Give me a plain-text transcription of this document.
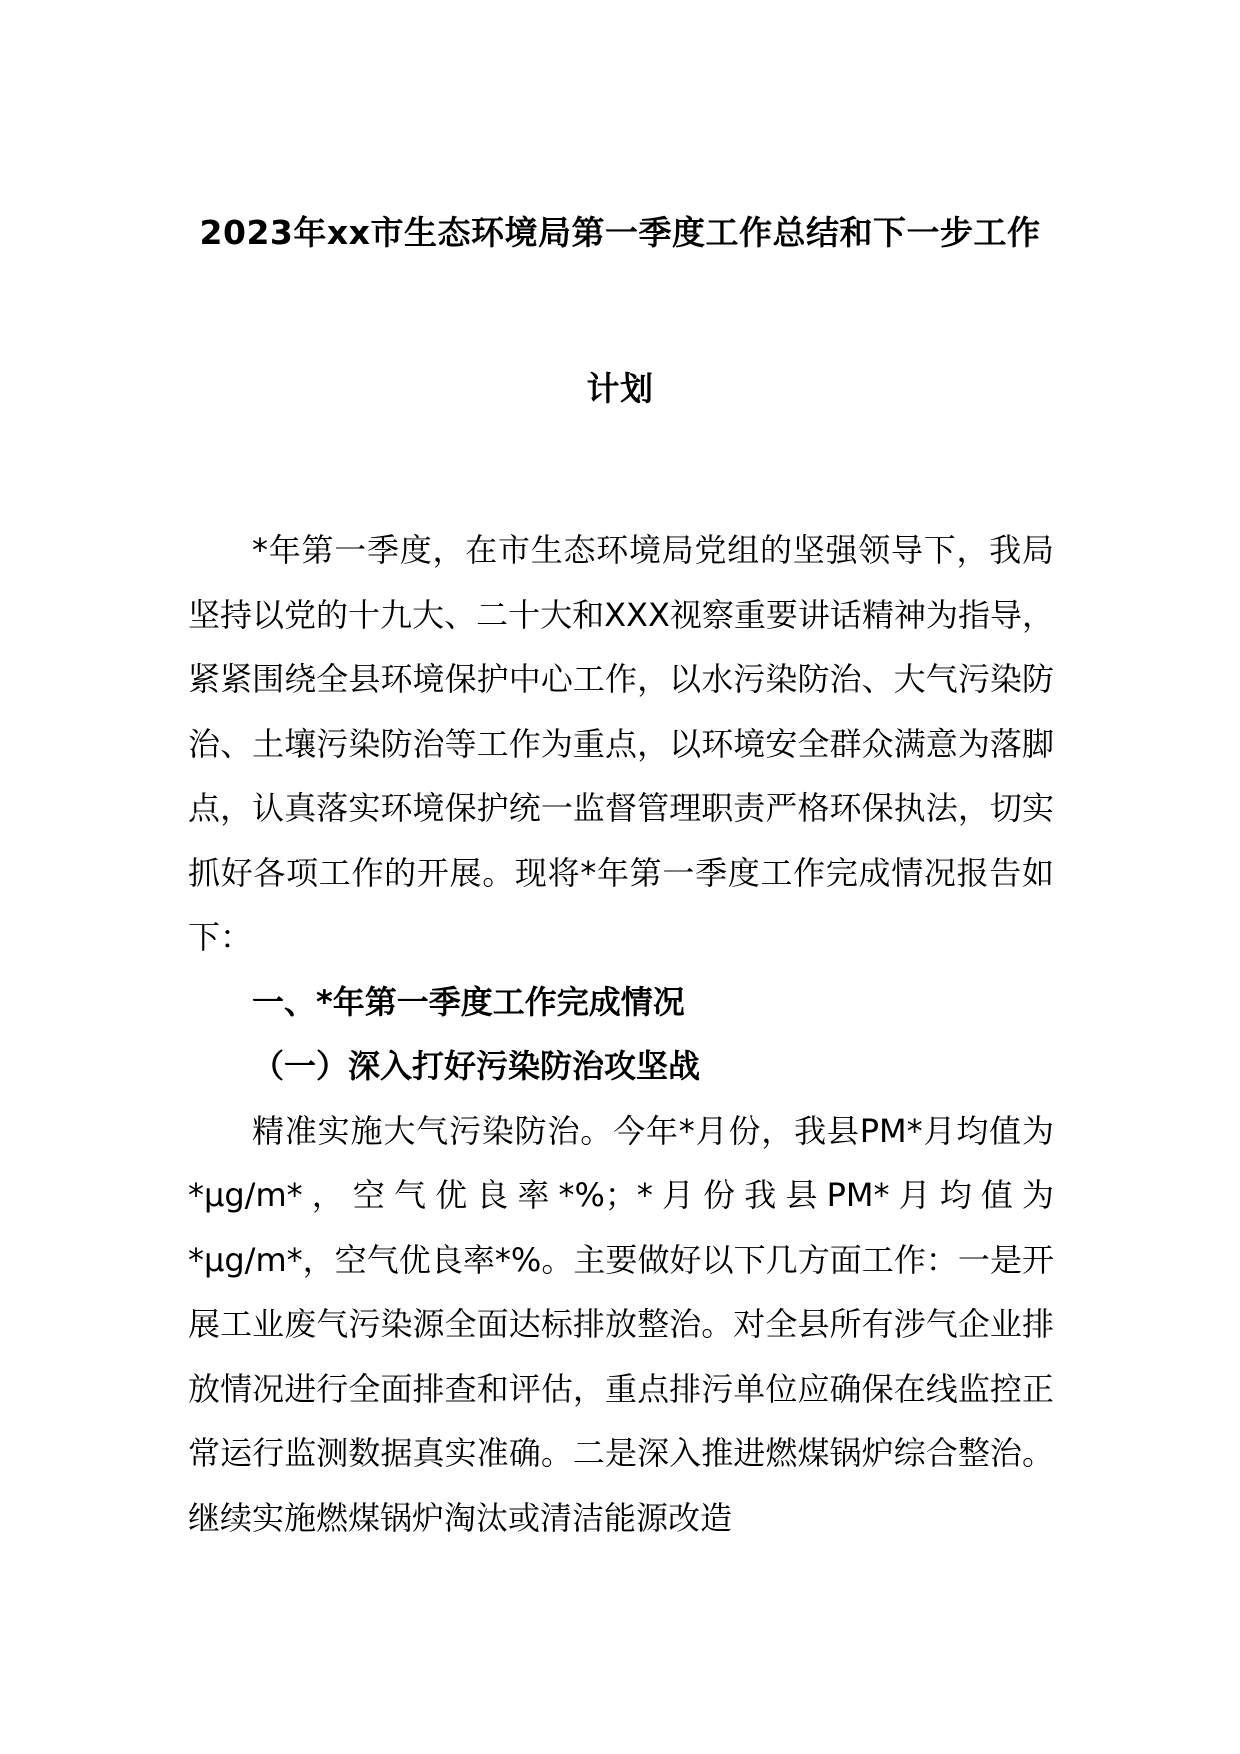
2023年xx市生态环境局第一季度工作总结和下一步工作
计划

*年第一季度，在市生态环境局党组的坚强领导下，我局坚持以党的十九大、二十大和XXX视察重要讲话精神为指导，紧紧围绕全县环境保护中心工作，以水污染防治、大气污染防治、土壤污染防治等工作为重点，以环境安全群众满意为落脚点，认真落实环境保护统一监督管理职责严格环保执法，切实抓好各项工作的开展。现将*年第一季度工作完成情况报告如下：

一、*年第一季度工作完成情况

（一）深入打好污染防治攻坚战

精准实施大气污染防治。今年*月份，我县PM*月均值为*μg/m*，空气优良率*%；*月份我县PM*月均值为*μg/m*，空气优良率*%。主要做好以下几方面工作：一是开展工业废气污染源全面达标排放整治。对全县所有涉气企业排放情况进行全面排查和评估，重点排污单位应确保在线监控正常运行监测数据真实准确。二是深入推进燃煤锅炉综合整治。继续实施燃煤锅炉淘汰或清洁能源改造
